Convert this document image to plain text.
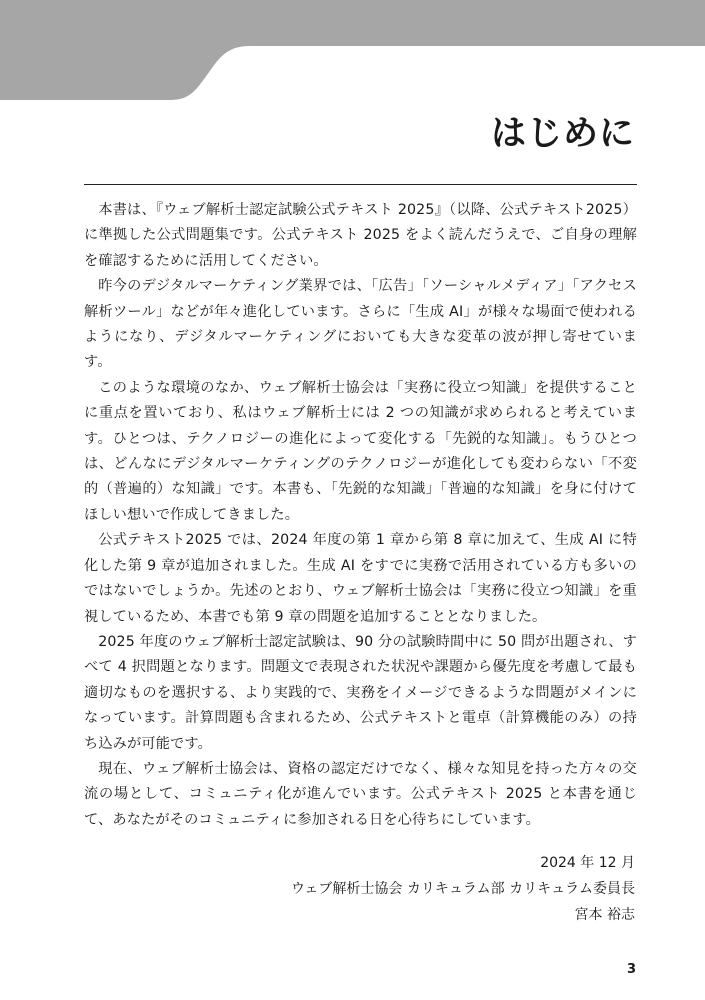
はじめに

本書は、『ウェブ解析士認定試験公式テキスト 2025』（以降、公式テキスト2025）に準拠した公式問題集です。公式テキスト 2025 をよく読んだうえで、ご自身の理解を確認するために活用してください。

昨今のデジタルマーケティング業界では、「広告」「ソーシャルメディア」「アクセス解析ツール」などが年々進化しています。さらに「生成 AI」が様々な場面で使われるようになり、デジタルマーケティングにおいても大きな変革の波が押し寄せています。

このような環境のなか、ウェブ解析士協会は「実務に役立つ知識」を提供することに重点を置いており、私はウェブ解析士には 2 つの知識が求められると考えています。ひとつは、テクノロジーの進化によって変化する「先鋭的な知識」。もうひとつは、どんなにデジタルマーケティングのテクノロジーが進化しても変わらない「不変的（普遍的）な知識」です。本書も、「先鋭的な知識」「普遍的な知識」を身に付けてほしい想いで作成してきました。

公式テキスト2025 では、2024 年度の第 1 章から第 8 章に加えて、生成 AI に特化した第 9 章が追加されました。生成 AI をすでに実務で活用されている方も多いのではないでしょうか。先述のとおり、ウェブ解析士協会は「実務に役立つ知識」を重視しているため、本書でも第 9 章の問題を追加することとなりました。

2025 年度のウェブ解析士認定試験は、90 分の試験時間中に 50 問が出題され、すべて 4 択問題となります。問題文で表現された状況や課題から優先度を考慮して最も適切なものを選択する、より実践的で、実務をイメージできるような問題がメインになっています。計算問題も含まれるため、公式テキストと電卓（計算機能のみ）の持ち込みが可能です。

現在、ウェブ解析士協会は、資格の認定だけでなく、様々な知見を持った方々の交流の場として、コミュニティ化が進んでいます。公式テキスト 2025 と本書を通じて、あなたがそのコミュニティに参加される日を心待ちにしています。

2024 年 12 月
ウェブ解析士協会 カリキュラム部 カリキュラム委員長
宮本 裕志
3
